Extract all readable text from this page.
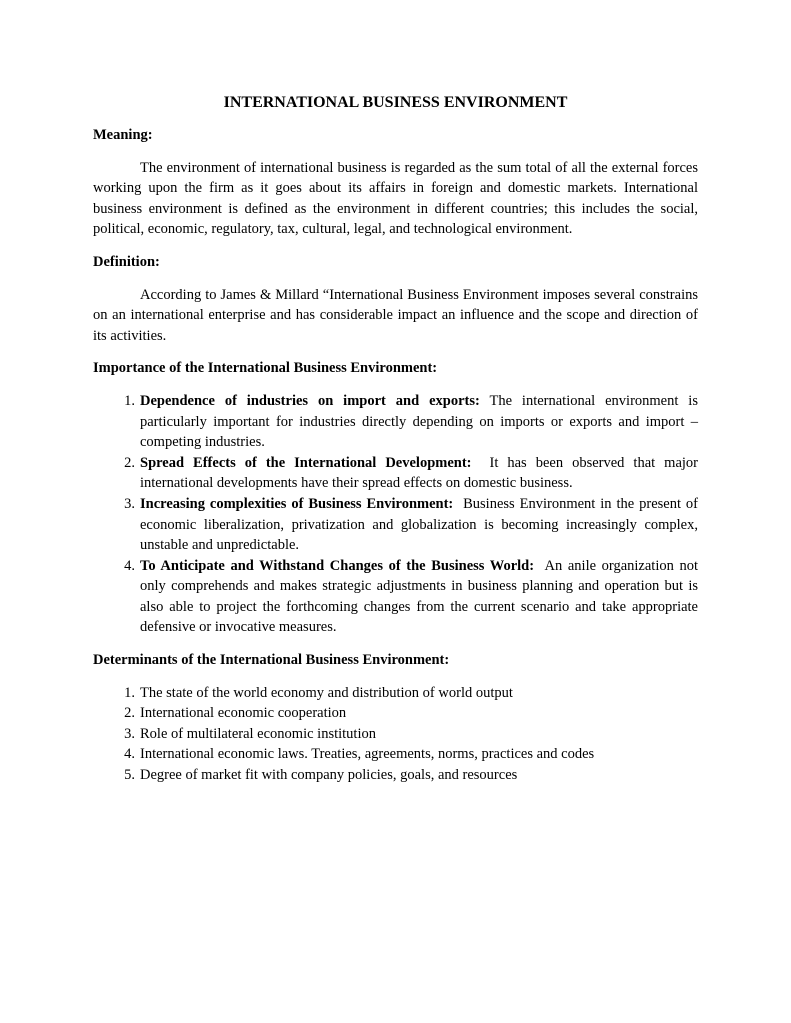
INTERNATIONAL BUSINESS ENVIRONMENT
Meaning:
The environment of international business is regarded as the sum total of all the external forces working upon the firm as it goes about its affairs in foreign and domestic markets. International business environment is defined as the environment in different countries; this includes the social, political, economic, regulatory, tax, cultural, legal, and technological environment.
Definition:
According to James & Millard “International Business Environment imposes several constrains on an international enterprise and has considerable impact an influence and the scope and direction of its activities.
Importance of the International Business Environment:
1. Dependence of industries on import and exports: The international environment is particularly important for industries directly depending on imports or exports and import – competing industries.
2. Spread Effects of the International Development:  It has been observed that major international developments have their spread effects on domestic business.
3. Increasing complexities of Business Environment:  Business Environment in the present of economic liberalization, privatization and globalization is becoming increasingly complex, unstable and unpredictable.
4. To Anticipate and Withstand Changes of the Business World:  An anile organization not only comprehends and makes strategic adjustments in business planning and operation but is also able to project the forthcoming changes from the current scenario and take appropriate defensive or invocative measures.
Determinants of the International Business Environment:
1. The state of the world economy and distribution of world output
2. International economic cooperation
3. Role of multilateral economic institution
4. International economic laws. Treaties, agreements, norms, practices and codes
5. Degree of market fit with company policies, goals, and resources
